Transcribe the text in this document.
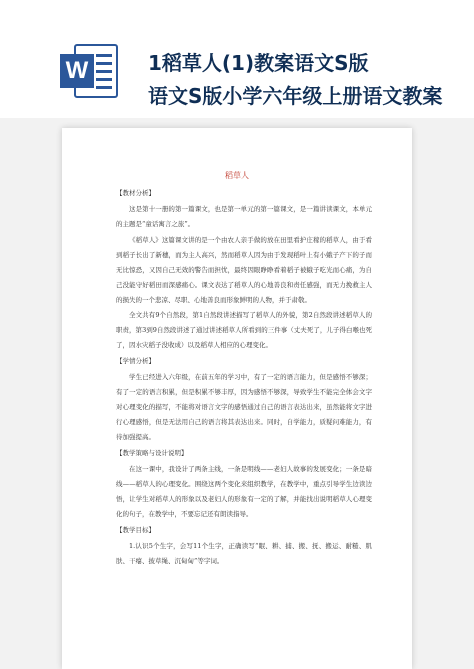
W	1稻草人(1)教案语文S版
语文S版小学六年级上册语文教案
稻草人
【教材分析】
这是第十一册的第一篇课文，也是第一单元的第一篇课文，是一篇讲读课文，本单元的主题是“童话寓言之旅”。
《稻草人》这篇课文讲的是一个由农人亲手做的放在田里看护庄稼的稻草人，由于看到稻子长出了新穗，而为主人高兴，然而稻草人因为由于发现稻叶上有小蛾子产下的子而无比惊恐，又因自己无效的警告而担忧，最终因眼睁睁看着稻子被蛾子吃光而心痛，为自己没能守好稻田而深感痛心。课文表达了稻草人的心地善良和责任感强，而无力挽救主人的损失的一个悲凉、尽职、心地善良而形象鲜明的人物，并于肃敬。
全文共有9个自然段，第1自然段讲述描写了稻草人的外貌，第2自然段讲述稻草人的职责，第3到9自然段讲述了通过讲述稻草人所看到的三件事（丈夫死了，儿子得白喉也死了，因水灾稻子没收成）以及稻草人相应的心理变化。
【学情分析】
学生已经进入六年级，在前五年的学习中，有了一定的语言能力，但是感悟不够深；有了一定的语言积累，但是积累不够丰厚，因为感悟不够深，导致学生不能完全体会文字对心理变化的描写，不能将对语言文字的感悟通过自己的语言表达出来，虽然能将文字进行心理感悟，但是无法用自己的语言将其表达出来。同时，自学能力，质疑问难能力，有待加强提高。
【教学策略与设计说明】
在这一课中，我设计了两条主线，一条是明线——老妇人故事的发展变化；一条是暗线——稻草人的心理变化。围绕这两个变化来组织教学，在教学中，重点引导学生边读边悟，让学生对稻草人的形象以及老妇人的形象有一定的了解，并能找出说明稻草人心理变化的句子，在教学中，不要忘记还有朗读指导。
【教学目标】
1.认识5个生字，会写11个生字，正确读写“眠、耕、捕、搬、抚、搬运、耐糙、肌肤、干瘪、披草绳、沉甸甸”等字词。
